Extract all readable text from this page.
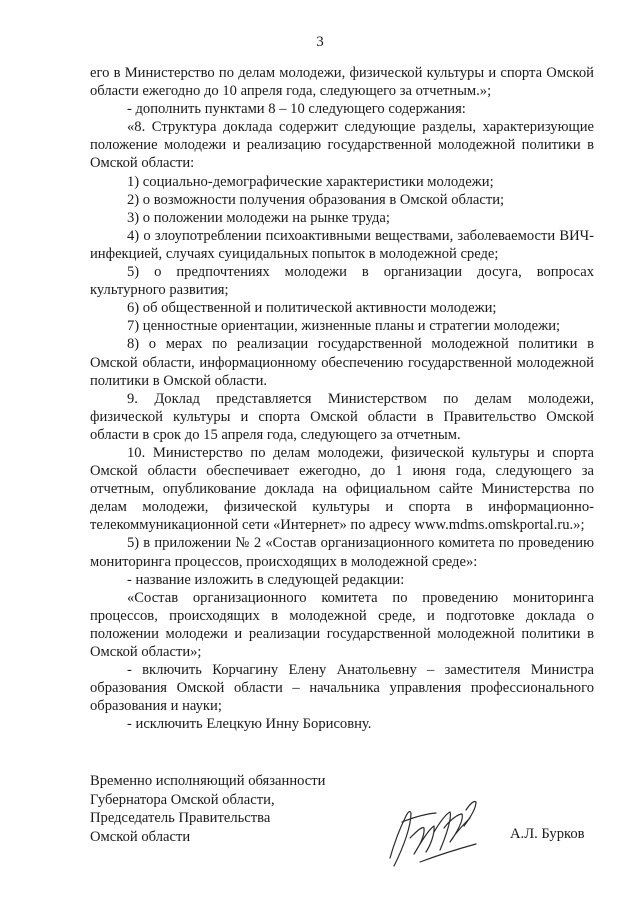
3

его в Министерство по делам молодежи, физической культуры и спорта Омской области ежегодно до 10 апреля года, следующего за отчетным.»;

- дополнить пунктами 8 – 10 следующего содержания:

«8. Структура доклада содержит следующие разделы, характеризующие положение молодежи и реализацию государственной молодежной политики в Омской области:

1) социально-демографические характеристики молодежи;

2) о возможности получения образования в Омской области;

3) о положении молодежи на рынке труда;

4) о злоупотреблении психоактивными веществами, заболеваемости ВИЧ-инфекцией, случаях суицидальных попыток в молодежной среде;

5) о предпочтениях молодежи в организации досуга, вопросах культурного развития;

6) об общественной и политической активности молодежи;

7) ценностные ориентации, жизненные планы и стратегии молодежи;

8) о мерах по реализации государственной молодежной политики в Омской области, информационному обеспечению государственной молодежной политики в Омской области.

9. Доклад представляется Министерством по делам молодежи, физической культуры и спорта Омской области в Правительство Омской области в срок до 15 апреля года, следующего за отчетным.

10. Министерство по делам молодежи, физической культуры и спорта Омской области обеспечивает ежегодно, до 1 июня года, следующего за отчетным, опубликование доклада на официальном сайте Министерства по делам молодежи, физической культуры и спорта в информационно-телекоммуникационной сети «Интернет» по адресу www.mdms.omskportal.ru.»;

5) в приложении № 2 «Состав организационного комитета по проведению мониторинга процессов, происходящих в молодежной среде»:

- название изложить в следующей редакции:

«Состав организационного комитета по проведению мониторинга процессов, происходящих в молодежной среде, и подготовке доклада о положении молодежи и реализации государственной молодежной политики в Омской области»;

- включить Корчагину Елену Анатольевну – заместителя Министра образования Омской области – начальника управления профессионального образования и науки;

- исключить Елецкую Инну Борисовну.

Временно исполняющий обязанности
Губернатора Омской области,
Председатель Правительства
Омской области	А.Л. Бурков
